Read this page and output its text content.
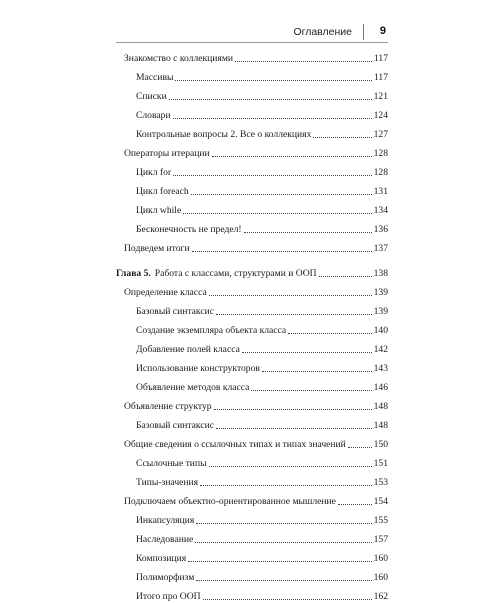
Оглавление	9
Знакомство с коллекциями	117
Массивы	117
Списки	121
Словари	124
Контрольные вопросы 2. Все о коллекциях	127
Операторы итерации	128
Цикл for	128
Цикл foreach	131
Цикл while	134
Бесконечность не предел!	136
Подведем итоги	137
Глава 5. Работа с классами, структурами и ООП	138
Определение класса	139
Базовый синтаксис	139
Создание экземпляра объекта класса	140
Добавление полей класса	142
Использование конструкторов	143
Объявление методов класса	146
Объявление структур	148
Базовый синтаксис	148
Общие сведения о ссылочных типах и типах значений	150
Ссылочные типы	151
Типы-значения	153
Подключаем объектно-ориентированное мышление	154
Инкапсуляция	155
Наследование	157
Композиция	160
Полиморфизм	160
Итого про ООП	162
